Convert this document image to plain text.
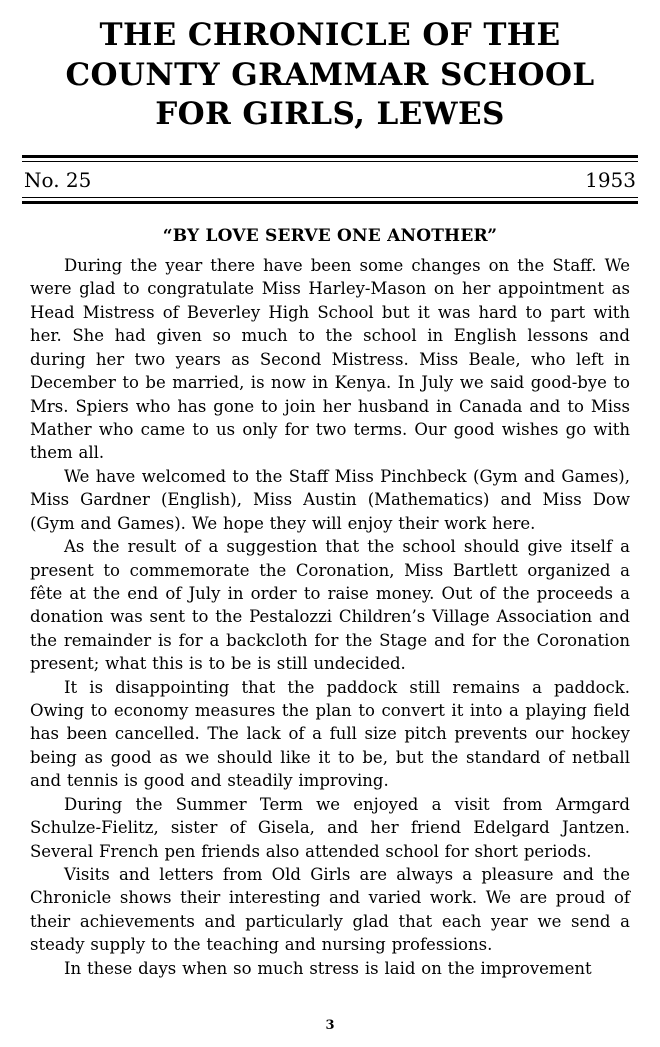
THE CHRONICLE OF THE
COUNTY GRAMMAR SCHOOL
FOR GIRLS, LEWES
No. 25	1953
“BY LOVE SERVE ONE ANOTHER”

During the year there have been some changes on the Staff. We were glad to congratulate Miss Harley-Mason on her appointment as Head Mistress of Beverley High School but it was hard to part with her. She had given so much to the school in English lessons and during her two years as Second Mistress. Miss Beale, who left in December to be married, is now in Kenya. In July we said good-bye to Mrs. Spiers who has gone to join her husband in Canada and to Miss Mather who came to us only for two terms. Our good wishes go with them all.

We have welcomed to the Staff Miss Pinchbeck (Gym and Games), Miss Gardner (English), Miss Austin (Mathematics) and Miss Dow (Gym and Games). We hope they will enjoy their work here.

As the result of a suggestion that the school should give itself a present to commemorate the Coronation, Miss Bartlett organized a fête at the end of July in order to raise money. Out of the proceeds a donation was sent to the Pestalozzi Children’s Village Association and the remainder is for a backcloth for the Stage and for the Coronation present; what this is to be is still undecided.

It is disappointing that the paddock still remains a paddock. Owing to economy measures the plan to convert it into a playing field has been cancelled. The lack of a full size pitch prevents our hockey being as good as we should like it to be, but the standard of netball and tennis is good and steadily improving.

During the Summer Term we enjoyed a visit from Armgard Schulze-Fielitz, sister of Gisela, and her friend Edelgard Jantzen. Several French pen friends also attended school for short periods.

Visits and letters from Old Girls are always a pleasure and the Chronicle shows their interesting and varied work. We are proud of their achievements and particularly glad that each year we send a steady supply to the teaching and nursing professions.

In these days when so much stress is laid on the improvement

3
